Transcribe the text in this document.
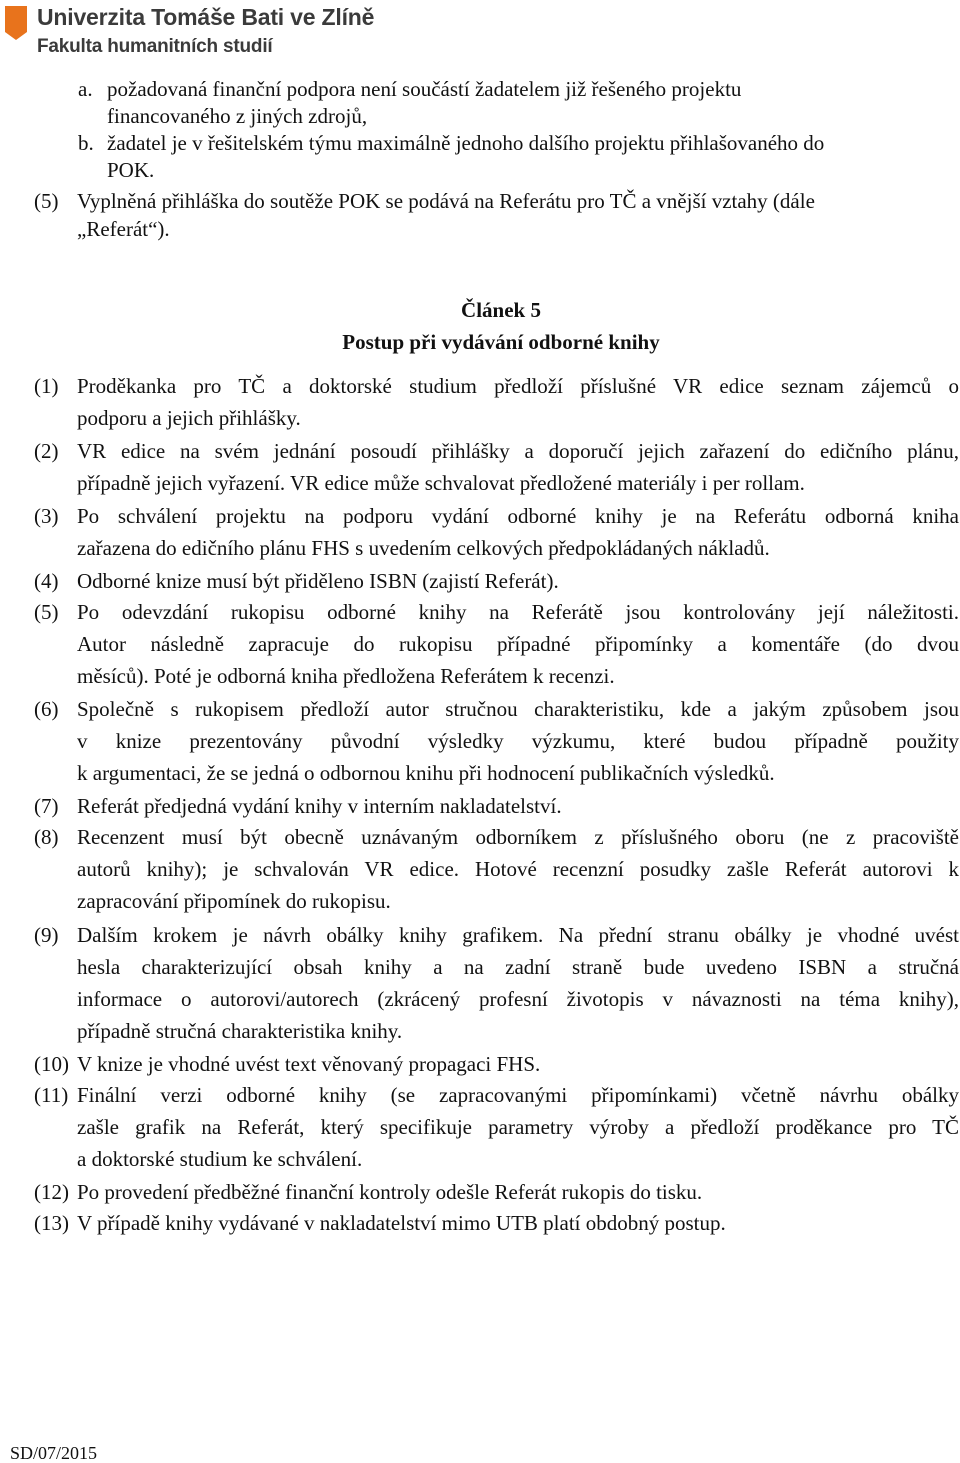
Univerzita Tomáše Bati ve Zlíně
Fakulta humanitních studií
a. požadovaná finanční podpora není součástí žadatelem již řešeného projektu
financovaného z jiných zdrojů,
b. žadatel je v řešitelském týmu maximálně jednoho dalšího projektu přihlašovaného do
POK.
(5) Vyplněná přihláška do soutěže POK se podává na Referátu pro TČ a vnější vztahy (dále
„Referát“).
Článek 5
Postup při vydávání odborné knihy
(1) Proděkanka pro TČ a doktorské studium předloží příslušné VR edice seznam zájemců o
podporu a jejich přihlášky.
(2) VR edice na svém jednání posoudí přihlášky a doporučí jejich zařazení do edičního plánu,
případně jejich vyřazení. VR edice může schvalovat předložené materiály i per rollam.
(3) Po schválení projektu na podporu vydání odborné knihy je na Referátu odborná kniha
zařazena do edičního plánu FHS s uvedením celkových předpokládaných nákladů.
(4) Odborné knize musí být přiděleno ISBN (zajistí Referát).
(5) Po odevzdání rukopisu odborné knihy na Referátě jsou kontrolovány její náležitosti.
Autor následně zapracuje do rukopisu případné připomínky a komentáře (do dvou
měsíců). Poté je odborná kniha předložena Referátem k recenzi.
(6) Společně s rukopisem předloží autor stručnou charakteristiku, kde a jakým způsobem jsou
v knize prezentovány původní výsledky výzkumu, které budou případně použity
k argumentaci, že se jedná o odbornou knihu při hodnocení publikačních výsledků.
(7) Referát předjedná vydání knihy v interním nakladatelství.
(8) Recenzent musí být obecně uznávaným odborníkem z příslušného oboru (ne z pracoviště
autorů knihy); je schvalován VR edice. Hotové recenzní posudky zašle Referát autorovi k
zapracování připomínek do rukopisu.
(9) Dalším krokem je návrh obálky knihy grafikem. Na přední stranu obálky je vhodné uvést
hesla charakterizující obsah knihy a na zadní straně bude uvedeno ISBN a stručná
informace o autorovi/autorech (zkrácený profesní životopis v návaznosti na téma knihy),
případně stručná charakteristika knihy.
(10) V knize je vhodné uvést text věnovaný propagaci FHS.
(11) Finální verzi odborné knihy (se zapracovanými připomínkami) včetně návrhu obálky
zašle grafik na Referát, který specifikuje parametry výroby a předloží proděkance pro TČ
a doktorské studium ke schválení.
(12) Po provedení předběžné finanční kontroly odešle Referát rukopis do tisku.
(13) V případě knihy vydávané v nakladatelství mimo UTB platí obdobný postup.
SD/07/2015
